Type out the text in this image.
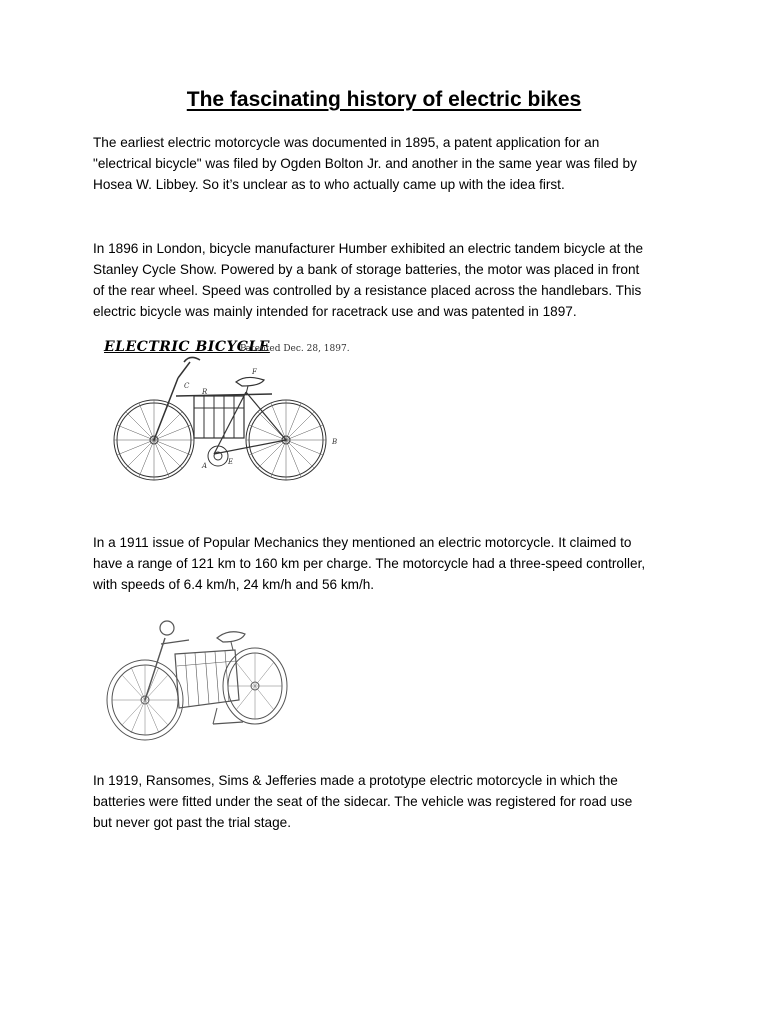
The fascinating history of electric bikes

The earliest electric motorcycle was documented in 1895, a patent application for an
"electrical bicycle" was filed by Ogden Bolton Jr. and another in the same year was filed by
Hosea W. Libbey. So it’s unclear as to who actually came up with the idea first.

In 1896 in London, bicycle manufacturer Humber exhibited an electric tandem bicycle at the
Stanley Cycle Show. Powered by a bank of storage batteries, the motor was placed in front
of the rear wheel. Speed was controlled by a resistance placed across the handlebars. This
electric bicycle was mainly intended for racetrack use and was patented in 1897.

ELECTRIC BICYCLE
Patented Dec. 28, 1897.
C
R
F
B
A	E

In a 1911 issue of Popular Mechanics they mentioned an electric motorcycle. It claimed to
have a range of 121 km to 160 km per charge. The motorcycle had a three-speed controller,
with speeds of 6.4 km/h, 24 km/h and 56 km/h.

In 1919, Ransomes, Sims & Jefferies made a prototype electric motorcycle in which the
batteries were fitted under the seat of the sidecar. The vehicle was registered for road use
but never got past the trial stage.
